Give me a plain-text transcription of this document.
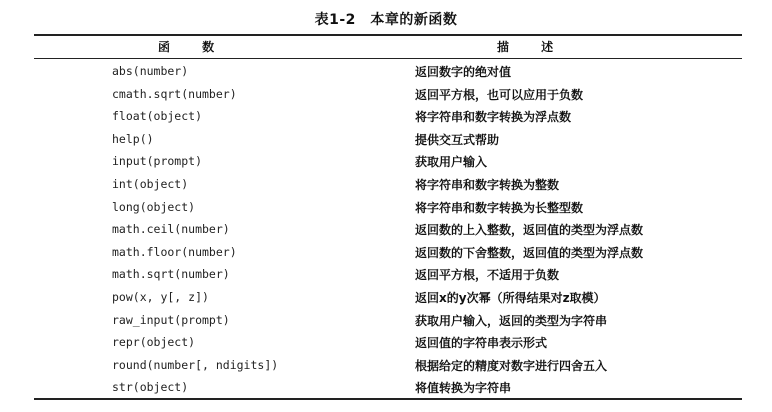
表1-2　本章的新函数
函 数	描 述
abs(number)	返回数字的绝对值
cmath.sqrt(number)	返回平方根，也可以应用于负数
float(object)	将字符串和数字转换为浮点数
help()	提供交互式帮助
input(prompt)	获取用户输入
int(object)	将字符串和数字转换为整数
long(object)	将字符串和数字转换为长整型数
math.ceil(number)	返回数的上入整数，返回值的类型为浮点数
math.floor(number)	返回数的下舍整数，返回值的类型为浮点数
math.sqrt(number)	返回平方根，不适用于负数
pow(x, y[, z])	返回x的y次幂（所得结果对z取模）
raw_input(prompt)	获取用户输入，返回的类型为字符串
repr(object)	返回值的字符串表示形式
round(number[, ndigits])	根据给定的精度对数字进行四舍五入
str(object)	将值转换为字符串
